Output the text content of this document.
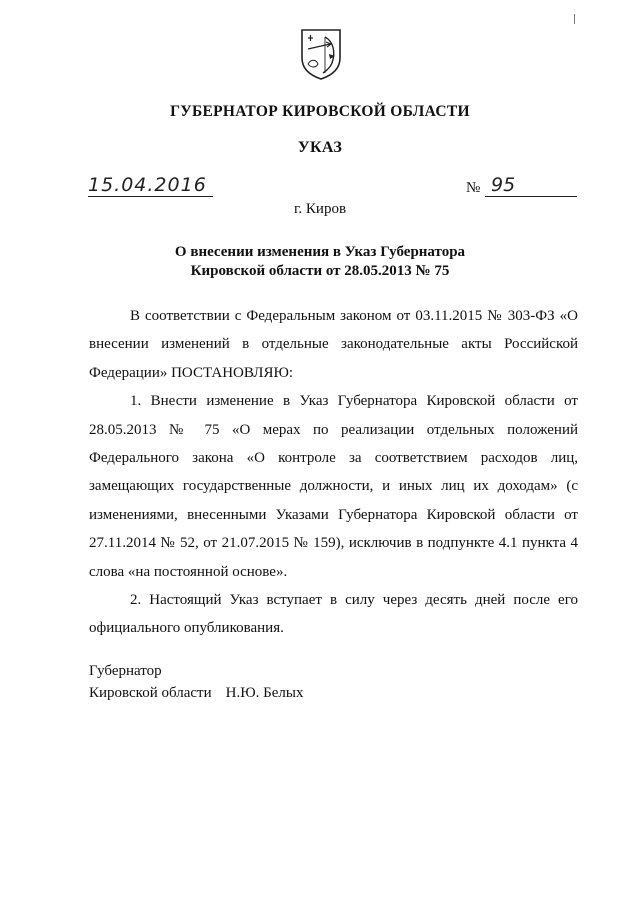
ГУБЕРНАТОР КИРОВСКОЙ ОБЛАСТИ
УКАЗ
15.04.2016	№ 95
г. Киров
О внесении изменения в Указ Губернатора
Кировской области от 28.05.2013 № 75

В соответствии с Федеральным законом от 03.11.2015 № 303-ФЗ «О внесении изменений в отдельные законодательные акты Российской Федерации» ПОСТАНОВЛЯЮ:

1. Внести изменение в Указ Губернатора Кировской области от 28.05.2013 № 75 «О мерах по реализации отдельных положений Федерального закона «О контроле за соответствием расходов лиц, замещающих государственные должности, и иных лиц их доходам» (с изменениями, внесенными Указами Губернатора Кировской области от 27.11.2014 № 52, от 21.07.2015 № 159), исключив в подпункте 4.1 пункта 4 слова «на постоянной основе».

2. Настоящий Указ вступает в силу через десять дней после его официального опубликования.

Губернатор
Кировской области Н.Ю. Белых
